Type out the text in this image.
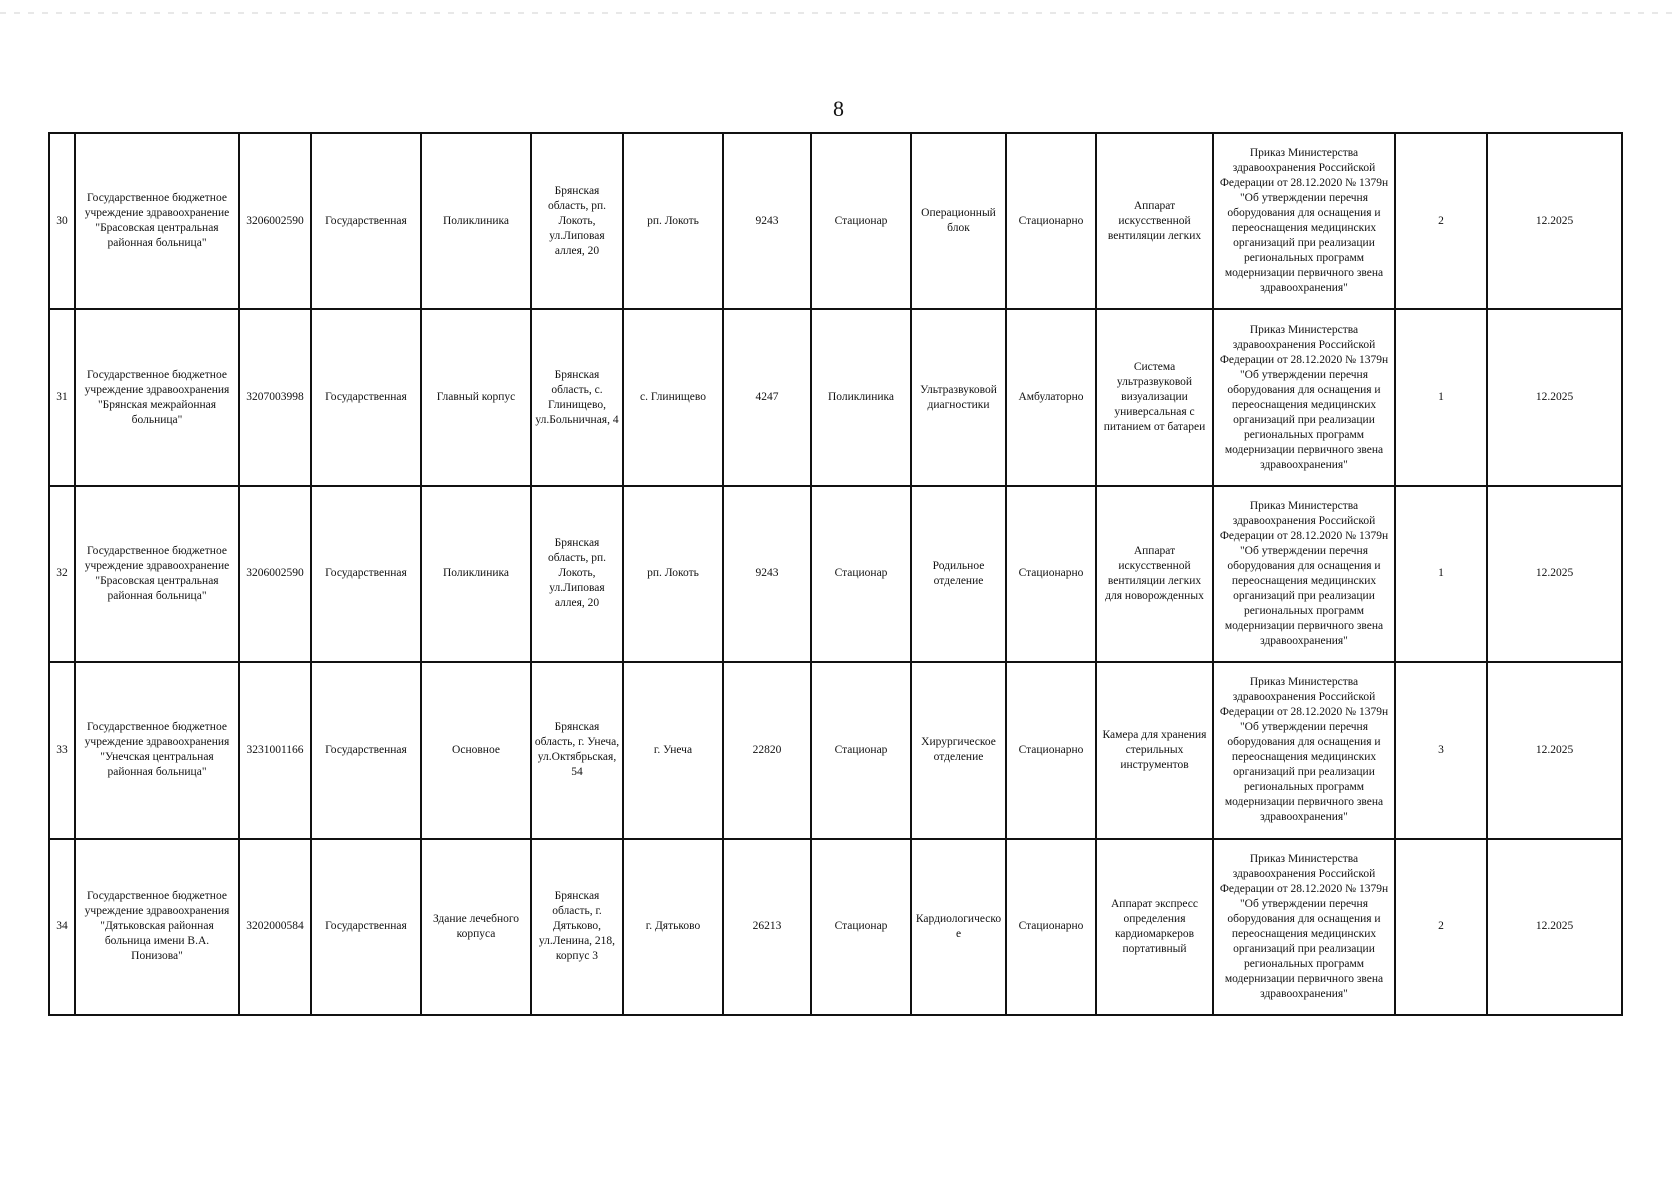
8
30	Государственное бюджетное учреждение здравоохранение "Брасовская центральная районная больница"	3206002590	Государственная	Поликлиника	Брянская область, рп. Локоть, ул.Липовая аллея, 20	рп. Локоть	9243	Стационар	Операционный блок	Стационарно	Аппарат искусственной вентиляции легких	Приказ Министерства здравоохранения Российской Федерации от 28.12.2020 № 1379н "Об утверждении перечня оборудования для оснащения и переоснащения медицинских организаций при реализации региональных программ модернизации первичного звена здравоохранения"	2	12.2025
31	Государственное бюджетное учреждение здравоохранения "Брянская межрайонная больница"	3207003998	Государственная	Главный корпус	Брянская область, с. Глинищево, ул.Больничная, 4	с. Глинищево	4247	Поликлиника	Ультразвуковой диагностики	Амбулаторно	Система ультразвуковой визуализации универсальная с питанием от батареи	Приказ Министерства здравоохранения Российской Федерации от 28.12.2020 № 1379н "Об утверждении перечня оборудования для оснащения и переоснащения медицинских организаций при реализации региональных программ модернизации первичного звена здравоохранения"	1	12.2025
32	Государственное бюджетное учреждение здравоохранение "Брасовская центральная районная больница"	3206002590	Государственная	Поликлиника	Брянская область, рп. Локоть, ул.Липовая аллея, 20	рп. Локоть	9243	Стационар	Родильное отделение	Стационарно	Аппарат искусственной вентиляции легких для новорожденных	Приказ Министерства здравоохранения Российской Федерации от 28.12.2020 № 1379н "Об утверждении перечня оборудования для оснащения и переоснащения медицинских организаций при реализации региональных программ модернизации первичного звена здравоохранения"	1	12.2025
33	Государственное бюджетное учреждение здравоохранения "Унечская центральная районная больница"	3231001166	Государственная	Основное	Брянская область, г. Унеча, ул.Октябрьская, 54	г. Унеча	22820	Стационар	Хирургическое отделение	Стационарно	Камера для хранения стерильных инструментов	Приказ Министерства здравоохранения Российской Федерации от 28.12.2020 № 1379н "Об утверждении перечня оборудования для оснащения и переоснащения медицинских организаций при реализации региональных программ модернизации первичного звена здравоохранения"	3	12.2025
34	Государственное бюджетное учреждение здравоохранения "Дятьковская районная больница имени В.А. Понизова"	3202000584	Государственная	Здание лечебного корпуса	Брянская область, г. Дятьково, ул.Ленина, 218, корпус 3	г. Дятьково	26213	Стационар	Кардиологическое	Стационарно	Аппарат экспресс определения кардиомаркеров портативный	Приказ Министерства здравоохранения Российской Федерации от 28.12.2020 № 1379н "Об утверждении перечня оборудования для оснащения и переоснащения медицинских организаций при реализации региональных программ модернизации первичного звена здравоохранения"	2	12.2025
